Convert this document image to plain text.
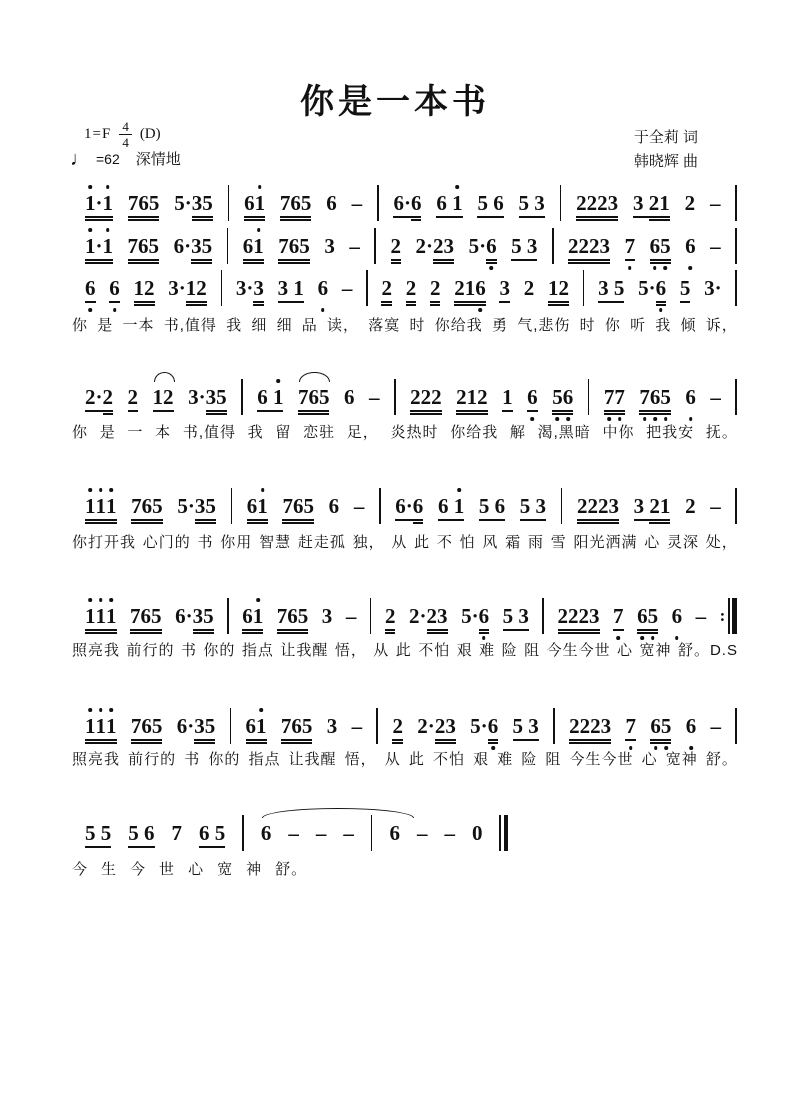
你是一本书
$1=F \frac{4}{4} (D)$
♩ =62 深情地
于全莉 词
韩晓辉 曲
1 · 1 7 6 5 5 · 3 5 6 1 7 6 5 6 – 6 · 6 6
1 5
6 5
3 2 2 2 3 3
2 1 2 –
1 · 1 7 6 5 6 · 3 5 6 1 7 6 5 3 – 2 2 · 2 3 5 · 6 5
3 2 2 2 3 7 6 5 6 –
6 6 1 2 3 · 1 2 3 · 3 3
1 6 – 2 2 2 2 1 6 3 2 1 2 3
5 5 · 6 5 3 ·
你 是 一本 书,值得 我 细 细 品 读， 落寞 时 你给我 勇 气,悲伤 时 你 听 我 倾 诉，
2 · 2 2 1 2 3 · 3 5 6
1 7 6 5 6 – 2 2 2 2 1 2 1 6 5 6 7 7 7 6 5 6 –
你 是 一 本 书,值得 我 留 恋驻 足， 炎热时 你给我 解 渴,黑暗 中你 把我安 抚。
1 1 1 7 6 5 5 · 3 5 6 1 7 6 5 6 – 6 · 6 6
1 5
6 5
3 2 2 2 3 3
2 1 2 –
你打开我 心门的 书 你用 智慧 赶走孤 独， 从 此 不 怕 风 霜 雨 雪 阳光洒满 心 灵深 处，
1 1 1 7 6 5 6 · 3 5 6 1 7 6 5 3 – 2 2 · 2 3 5 · 6 5
3 2 2 2 3 7 6 5 6 – :
照亮我 前行的 书 你的 指点 让我醒 悟， 从 此 不怕 艰 难 险 阻 今生今世 心 宽神 舒。D.S
1 1 1 7 6 5 6 · 3 5 6 1 7 6 5 3 – 2 2 · 2 3 5 · 6 5
3 2 2 2 3 7 6 5 6 –
照亮我 前行的 书 你的 指点 让我醒 悟， 从 此 不怕 艰 难 险 阻 今生今世 心 宽神 舒。
5
5 5
6 7 6
5 6 – – – 6 – – 0
今 生 今 世 心 宽 神 舒。
